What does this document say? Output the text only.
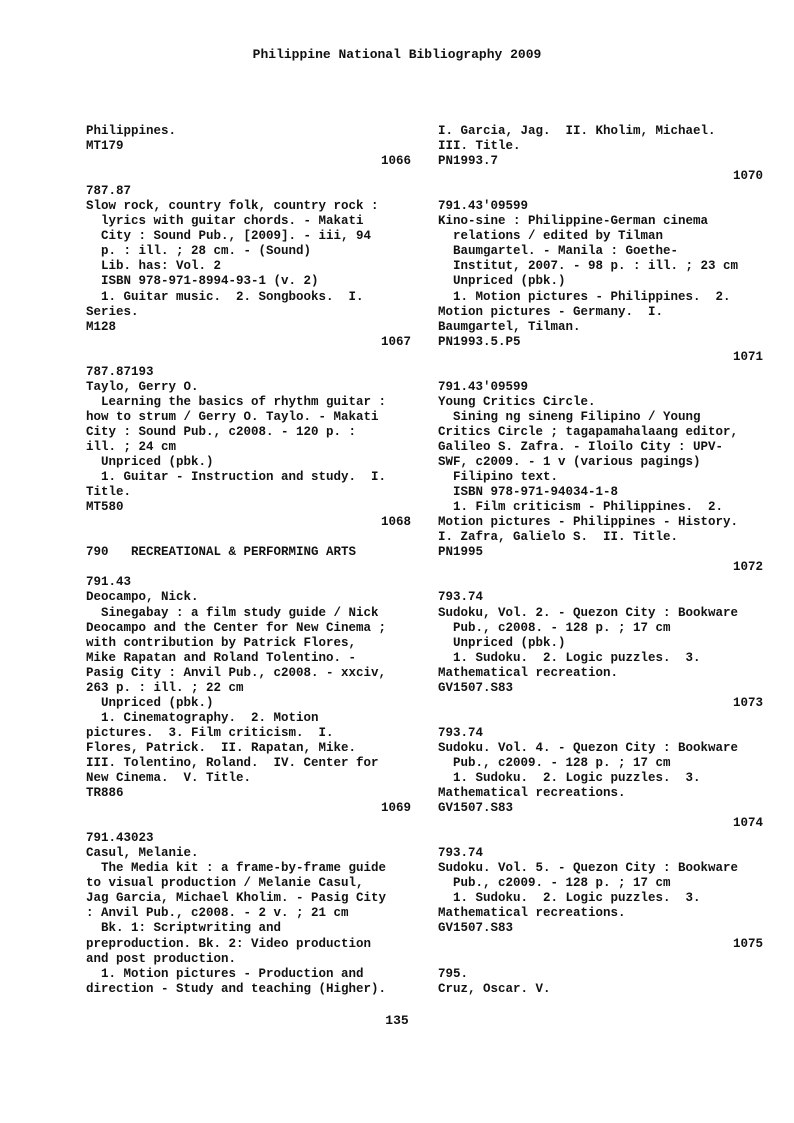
Philippine National Bibliography 2009
Philippines.
MT179
1066
787.87
Slow rock, country folk, country rock :
lyrics with guitar chords. - Makati
City : Sound Pub., [2009]. - iii, 94
p. : ill. ; 28 cm. - (Sound)
Lib. has: Vol. 2
ISBN 978-971-8994-93-1 (v. 2)
1. Guitar music.  2. Songbooks.  I.
Series.
M128
1067
787.87193
Taylo, Gerry O.
Learning the basics of rhythm guitar :
how to strum / Gerry O. Taylo. - Makati
City : Sound Pub., c2008. - 120 p. :
ill. ; 24 cm
Unpriced (pbk.)
1. Guitar - Instruction and study.  I.
Title.
MT580
1068
790   RECREATIONAL & PERFORMING ARTS
791.43
Deocampo, Nick.
Sinegabay : a film study guide / Nick
Deocampo and the Center for New Cinema ;
with contribution by Patrick Flores,
Mike Rapatan and Roland Tolentino. -
Pasig City : Anvil Pub., c2008. - xxciv,
263 p. : ill. ; 22 cm
Unpriced (pbk.)
1. Cinematography.  2. Motion
pictures.  3. Film criticism.  I.
Flores, Patrick.  II. Rapatan, Mike.
III. Tolentino, Roland.  IV. Center for
New Cinema.  V. Title.
TR886
1069
791.43023
Casul, Melanie.
The Media kit : a frame-by-frame guide
to visual production / Melanie Casul,
Jag Garcia, Michael Kholim. - Pasig City
: Anvil Pub., c2008. - 2 v. ; 21 cm
Bk. 1: Scriptwriting and
preproduction. Bk. 2: Video production
and post production.
1. Motion pictures - Production and
direction - Study and teaching (Higher).
I. Garcia, Jag.  II. Kholim, Michael.
III. Title.
PN1993.7
1070
791.43'09599
Kino-sine : Philippine-German cinema
relations / edited by Tilman
Baumgartel. - Manila : Goethe-
Institut, 2007. - 98 p. : ill. ; 23 cm
Unpriced (pbk.)
1. Motion pictures - Philippines.  2.
Motion pictures - Germany.  I.
Baumgartel, Tilman.
PN1993.5.P5
1071
791.43'09599
Young Critics Circle.
Sining ng sineng Filipino / Young
Critics Circle ; tagapamahalaang editor,
Galileo S. Zafra. - Iloilo City : UPV-
SWF, c2009. - 1 v (various pagings)
Filipino text.
ISBN 978-971-94034-1-8
1. Film criticism - Philippines.  2.
Motion pictures - Philippines - History.
I. Zafra, Galielo S.  II. Title.
PN1995
1072
793.74
Sudoku, Vol. 2. - Quezon City : Bookware
Pub., c2008. - 128 p. ; 17 cm
Unpriced (pbk.)
1. Sudoku.  2. Logic puzzles.  3.
Mathematical recreation.
GV1507.S83
1073
793.74
Sudoku. Vol. 4. - Quezon City : Bookware
Pub., c2009. - 128 p. ; 17 cm
1. Sudoku.  2. Logic puzzles.  3.
Mathematical recreations.
GV1507.S83
1074
793.74
Sudoku. Vol. 5. - Quezon City : Bookware
Pub., c2009. - 128 p. ; 17 cm
1. Sudoku.  2. Logic puzzles.  3.
Mathematical recreations.
GV1507.S83
1075
795.
Cruz, Oscar. V.
135
